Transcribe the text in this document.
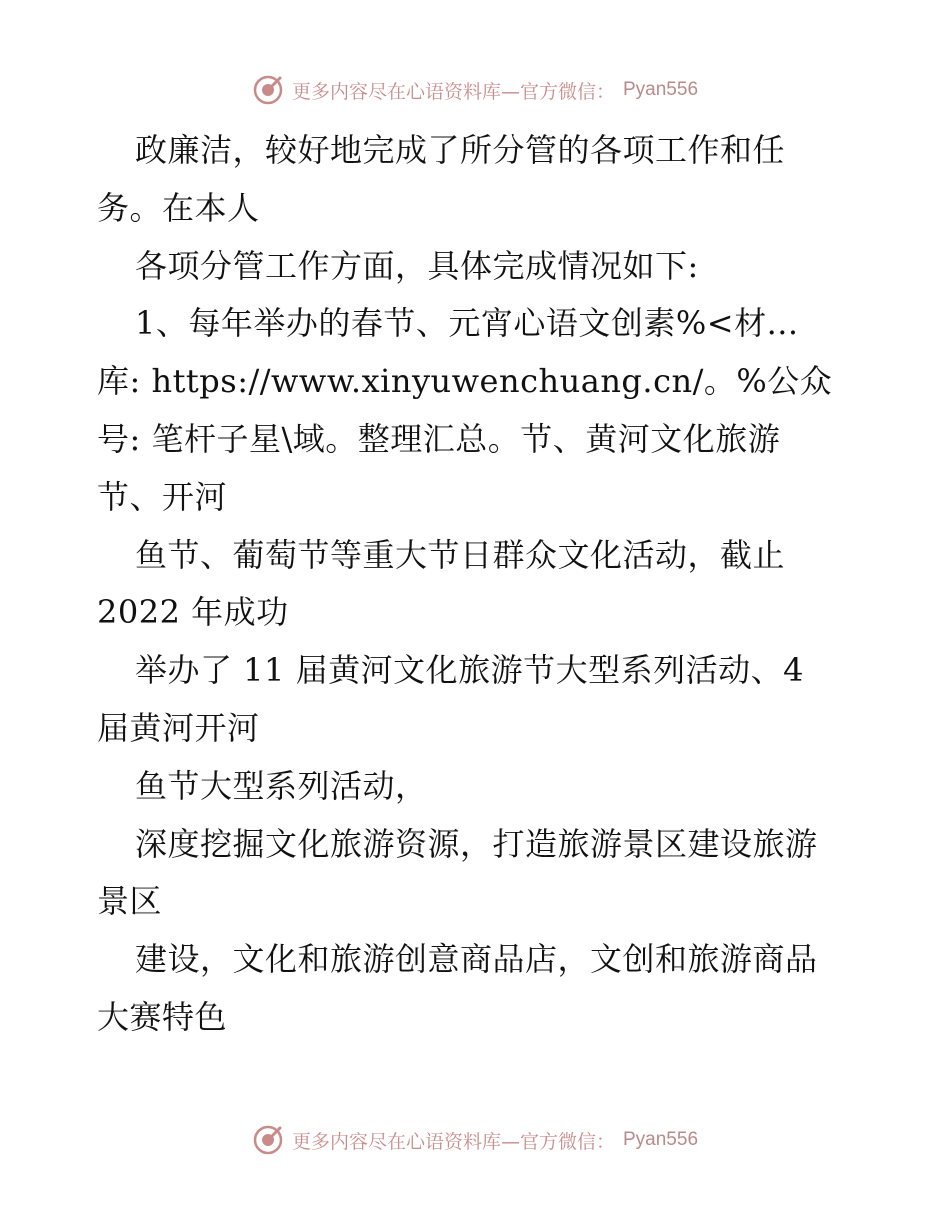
更多内容尽在心语资料库—官方微信： Pyan556
政廉洁，较好地完成了所分管的各项工作和任
务。在本人
各项分管工作方面，具体完成情况如下:
1、每年举办的春节、元宵心语文创素%<材...
库: https://www.xinyuwenchuang.cn/。%公众
号: 笔杆子星\域。整理汇总。节、黄河文化旅游
节、开河
鱼节、葡萄节等重大节日群众文化活动，截止
2022 年成功
举办了 11 届黄河文化旅游节大型系列活动、4
届黄河开河
鱼节大型系列活动，
深度挖掘文化旅游资源，打造旅游景区建设旅游
景区
建设，文化和旅游创意商品店，文创和旅游商品
大赛特色
更多内容尽在心语资料库—官方微信： Pyan556
